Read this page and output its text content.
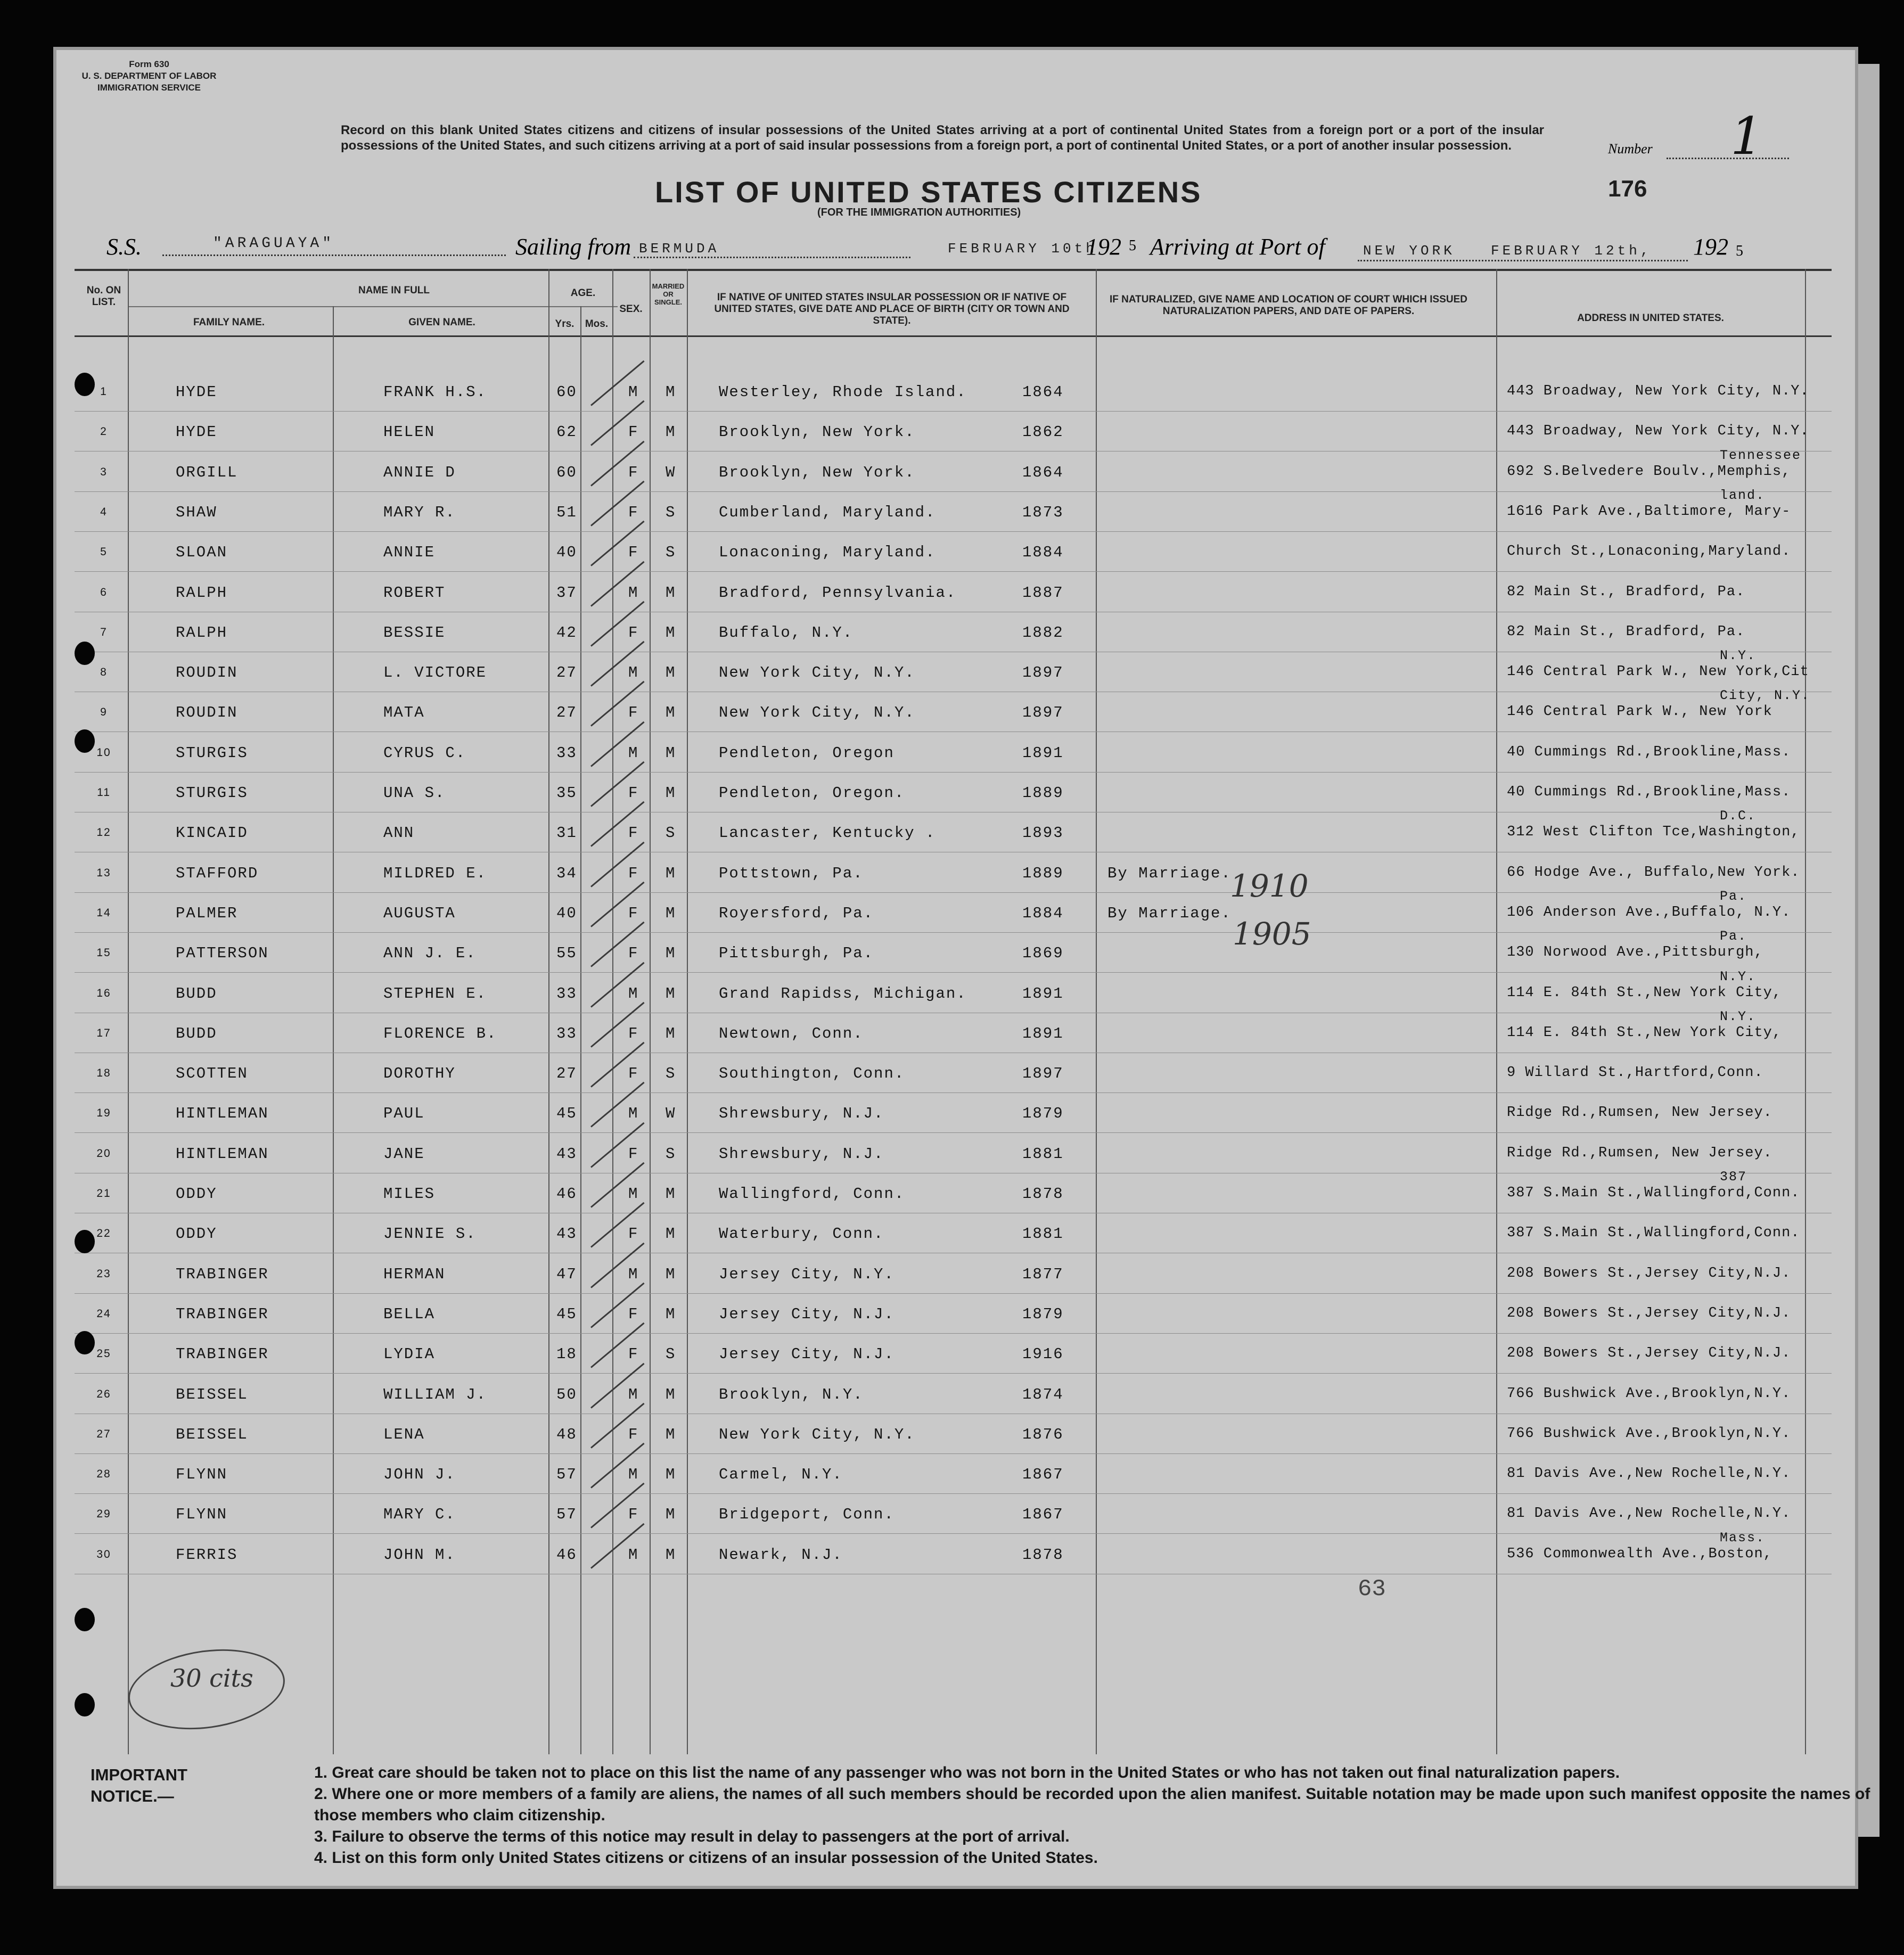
Form 630
U. S. DEPARTMENT OF LABOR
IMMIGRATION SERVICE
Record on this blank United States citizens and citizens of insular possessions of the United States arriving at a port of continental United States from a foreign port or a port of the insular possessions of the United States, and such citizens arriving at a port of said insular possessions from a foreign port, a port of continental United States, or a port of another insular possession.	Number 1
176
LIST OF UNITED STATES CITIZENS
(FOR THE IMMIGRATION AUTHORITIES)
S.S.	"ARAGUAYA"	Sailing from BERMUDA	FEBRUARY 10th
192 5 Arriving at Port of	NEW YORK	FEBRUARY 12th, 192 5
No. ON LIST.
NAME IN FULL
FAMILY NAME.	GIVEN NAME.
AGE.
Yrs.	Mos.
SEX.
MARRIED OR SINGLE.	IF NATIVE OF UNITED STATES INSULAR POSSESSION OR IF NATIVE OF UNITED STATES, GIVE DATE AND PLACE OF BIRTH (CITY OR TOWN AND STATE).
IF NATURALIZED, GIVE NAME AND LOCATION OF COURT WHICH ISSUED NATURALIZATION PAPERS, AND DATE OF PAPERS.
ADDRESS IN UNITED STATES.
1	HYDE	FRANK H.S.	60	M M	Westerley, Rhode Island.	1864	443 Broadway, New York City, N.Y.
2	HYDE	HELEN	62	F M	Brooklyn, New York.	1862	443 Broadway, New York City, N.Y.
3	ORGILL	ANNIE D	60	F W	Brooklyn, New York.	1864	692 S.Belvedere Boulv.,Memphis,
Tennessee
4	SHAW	MARY R.	51	F S	Cumberland, Maryland.	1873	1616 Park Ave.,Baltimore, Mary-
land.
5	SLOAN	ANNIE	40	F S	Lonaconing, Maryland.	1884	Church St.,Lonaconing,Maryland.
6	RALPH	ROBERT	37	M M	Bradford, Pennsylvania.	1887	82 Main St., Bradford, Pa.
7	RALPH	BESSIE	42	F M	Buffalo, N.Y.	1882	82 Main St., Bradford, Pa.
8	ROUDIN	L. VICTORE	27	M M	New York City, N.Y.	1897	146 Central Park W., New York,Cit
N.Y.
9	ROUDIN	MATA	27	F M	New York City, N.Y.	1897	146 Central Park W., New York
City, N.Y.
10	STURGIS	CYRUS C.	33	M M	Pendleton, Oregon	1891	40 Cummings Rd.,Brookline,Mass.
11	STURGIS	UNA S.	35	F M	Pendleton, Oregon.	1889	40 Cummings Rd.,Brookline,Mass.
12	KINCAID	ANN	31	F S	Lancaster, Kentucky .	1893	312 West Clifton Tce,Washington,
D.C.
13	STAFFORD	MILDRED E.	34	F M	Pottstown, Pa.	1889	By Marriage.	66 Hodge Ave., Buffalo,New York.
14	PALMER	AUGUSTA	40	F M	Royersford, Pa.	1884	By Marriage.	106 Anderson Ave.,Buffalo, N.Y.
Pa.
15	PATTERSON	ANN J. E.	55	F M	Pittsburgh, Pa.	1869	130 Norwood Ave.,Pittsburgh,
Pa.
16	BUDD	STEPHEN E.	33	M M	Grand Rapidss, Michigan.	1891	114 E. 84th St.,New York City,
N.Y.
17	BUDD	FLORENCE B.	33	F M	Newtown, Conn.	1891	114 E. 84th St.,New York City,
N.Y.
18	SCOTTEN	DOROTHY	27	F S	Southington, Conn.	1897	9 Willard St.,Hartford,Conn.
19	HINTLEMAN	PAUL	45	M W	Shrewsbury, N.J.	1879	Ridge Rd.,Rumsen, New Jersey.
20	HINTLEMAN	JANE	43	F S	Shrewsbury, N.J.	1881	Ridge Rd.,Rumsen, New Jersey.
21	ODDY	MILES	46	M M	Wallingford, Conn.	1878	387 S.Main St.,Wallingford,Conn.
387
22	ODDY	JENNIE S.	43	F M	Waterbury, Conn.	1881	387 S.Main St.,Wallingford,Conn.
23	TRABINGER	HERMAN	47	M M	Jersey City, N.Y.	1877	208 Bowers St.,Jersey City,N.J.
24	TRABINGER	BELLA	45	F M	Jersey City, N.J.	1879	208 Bowers St.,Jersey City,N.J.
25	TRABINGER	LYDIA	18	F S	Jersey City, N.J.	1916	208 Bowers St.,Jersey City,N.J.
26	BEISSEL	WILLIAM J.	50	M M	Brooklyn, N.Y.	1874	766 Bushwick Ave.,Brooklyn,N.Y.
27	BEISSEL	LENA	48	F M	New York City, N.Y.	1876	766 Bushwick Ave.,Brooklyn,N.Y.
28	FLYNN	JOHN J.	57	M M	Carmel, N.Y.	1867	81 Davis Ave.,New Rochelle,N.Y.
29	FLYNN	MARY C.	57	F M	Bridgeport, Conn.	1867	81 Davis Ave.,New Rochelle,N.Y.
30	FERRIS	JOHN M.	46	M M	Newark, N.J.	1878	536 Commonwealth Ave.,Boston,
Mass.
1910
1905
63
30 cits
IMPORTANT NOTICE.—
1. Great care should be taken not to place on this list the name of any passenger who was not born in the United States or who has not taken out final naturalization papers.
2. Where one or more members of a family are aliens, the names of all such members should be recorded upon the alien manifest. Suitable notation may be made upon such manifest opposite the names of those members who claim citizenship.
3. Failure to observe the terms of this notice may result in delay to passengers at the port of arrival.
4. List on this form only United States citizens or citizens of an insular possession of the United States.
